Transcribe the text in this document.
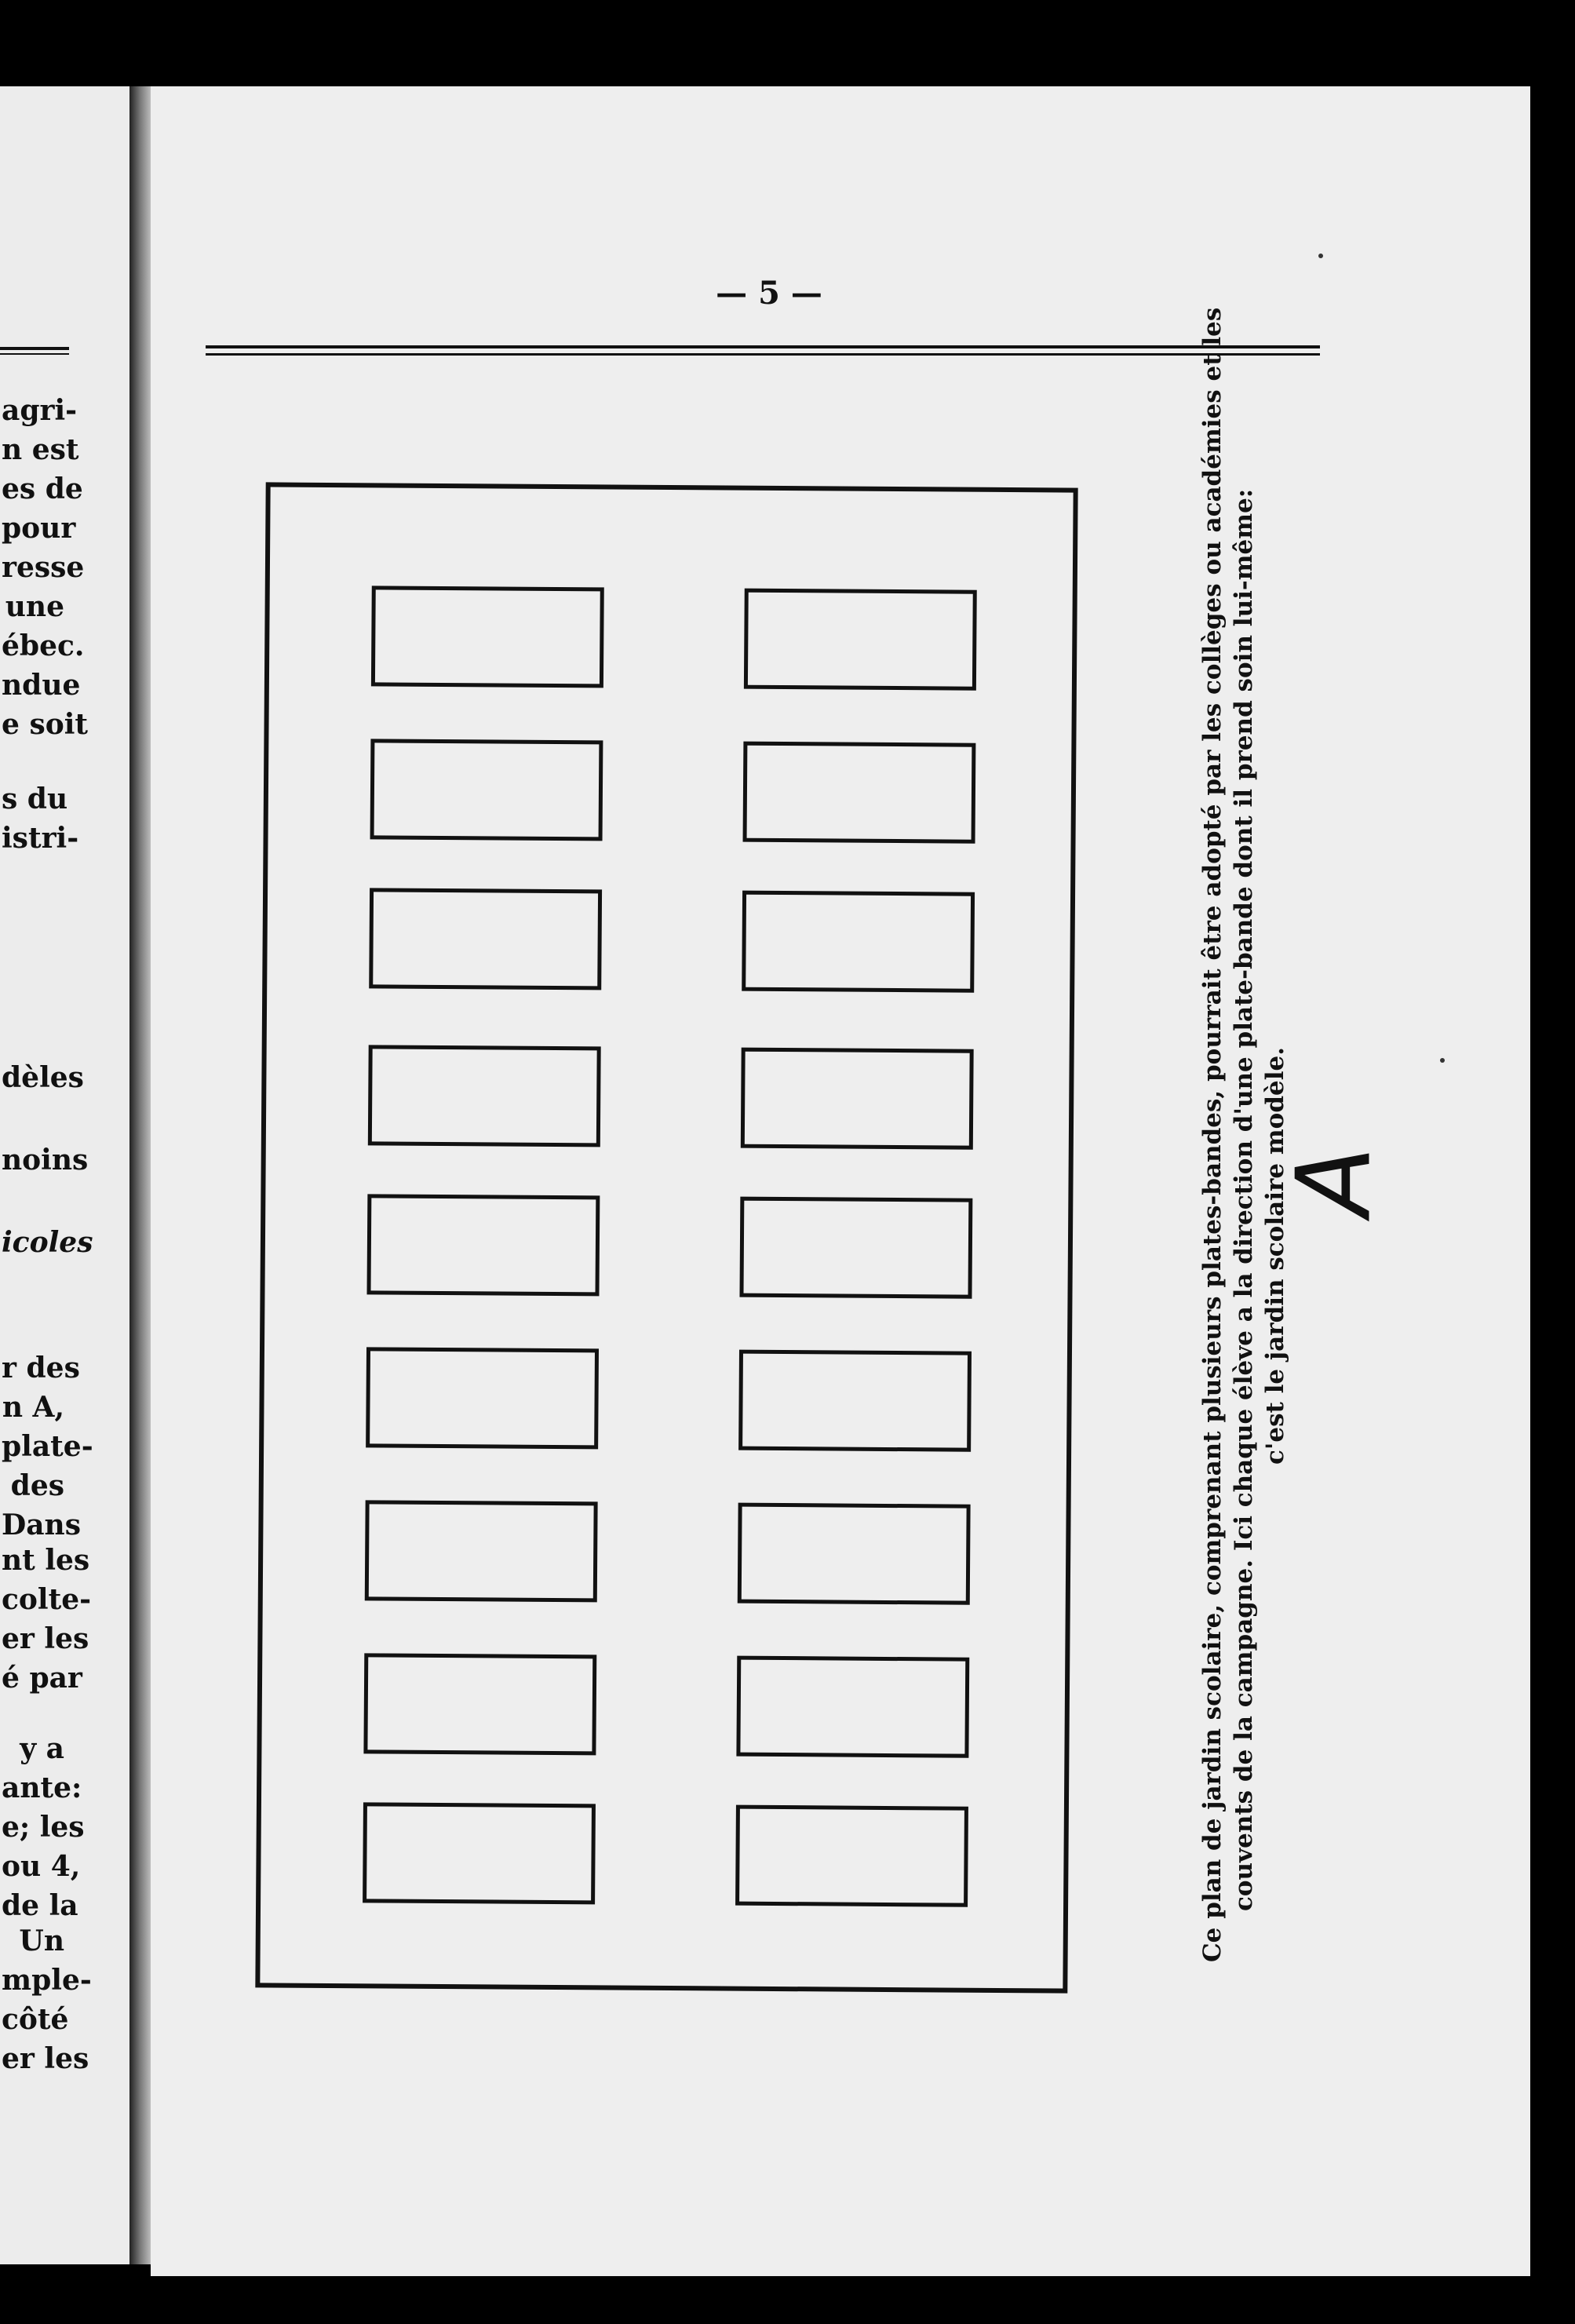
agri-
n est
es de
pour
resse
une
ébec.
ndue
e soit
s du
istri-
dèles
noins
icoles
r des
n A,
plate-
des
Dans
nt les
colte-
er les
é par
y a
ante:
e; les
ou 4,
de la
Un
mple-
côté
er les
— 5 —
A
Ce plan de jardin scolaire, comprenant plusieurs plates-bandes, pourrait être adopté par les collèges ou académies et les couvents de la campagne. Ici chaque élève a la direction d'une plate-bande dont il prend soin lui-même: c'est le jardin scolaire modèle.
